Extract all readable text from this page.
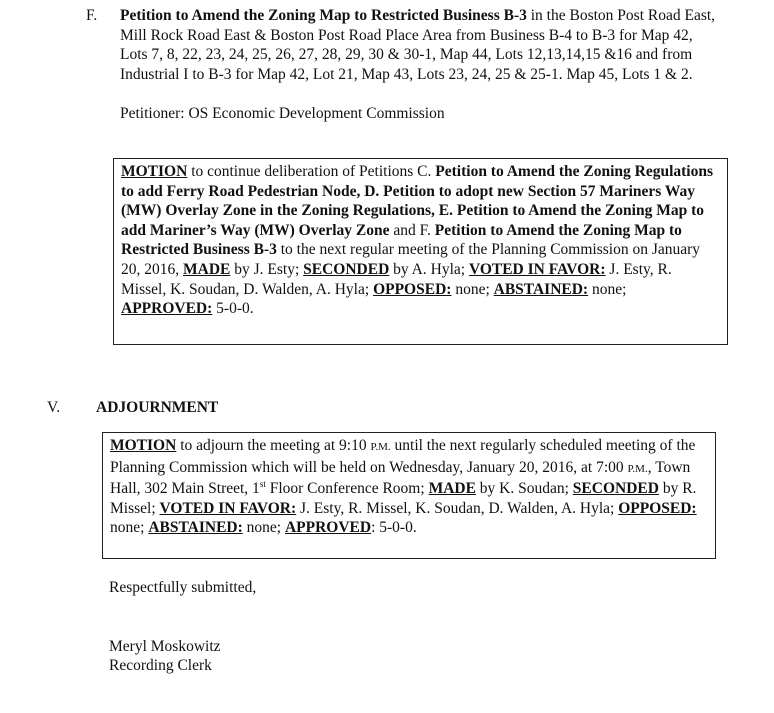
F. Petition to Amend the Zoning Map to Restricted Business B-3 in the Boston Post Road East, Mill Rock Road East & Boston Post Road Place Area from Business B-4 to B-3 for Map 42, Lots 7, 8, 22, 23, 24, 25, 26, 27, 28, 29, 30 & 30-1, Map 44, Lots 12,13,14,15 &16 and from Industrial I to B-3 for Map 42, Lot 21, Map 43, Lots 23, 24, 25 & 25-1. Map 45, Lots 1 & 2.
Petitioner: OS Economic Development Commission
MOTION to continue deliberation of Petitions C. Petition to Amend the Zoning Regulations to add Ferry Road Pedestrian Node, D. Petition to adopt new Section 57 Mariners Way (MW) Overlay Zone in the Zoning Regulations, E. Petition to Amend the Zoning Map to add Mariner’s Way (MW) Overlay Zone and F. Petition to Amend the Zoning Map to Restricted Business B-3 to the next regular meeting of the Planning Commission on January 20, 2016, MADE by J. Esty; SECONDED by A. Hyla; VOTED IN FAVOR: J. Esty, R. Missel, K. Soudan, D. Walden, A. Hyla; OPPOSED: none; ABSTAINED: none; APPROVED: 5-0-0.
V. ADJOURNMENT
MOTION to adjourn the meeting at 9:10 P.M. until the next regularly scheduled meeting of the Planning Commission which will be held on Wednesday, January 20, 2016, at 7:00 P.M., Town Hall, 302 Main Street, 1st Floor Conference Room; MADE by K. Soudan; SECONDED by R. Missel; VOTED IN FAVOR: J. Esty, R. Missel, K. Soudan, D. Walden, A. Hyla; OPPOSED: none; ABSTAINED: none; APPROVED: 5-0-0.
Respectfully submitted,
Meryl Moskowitz
Recording Clerk
